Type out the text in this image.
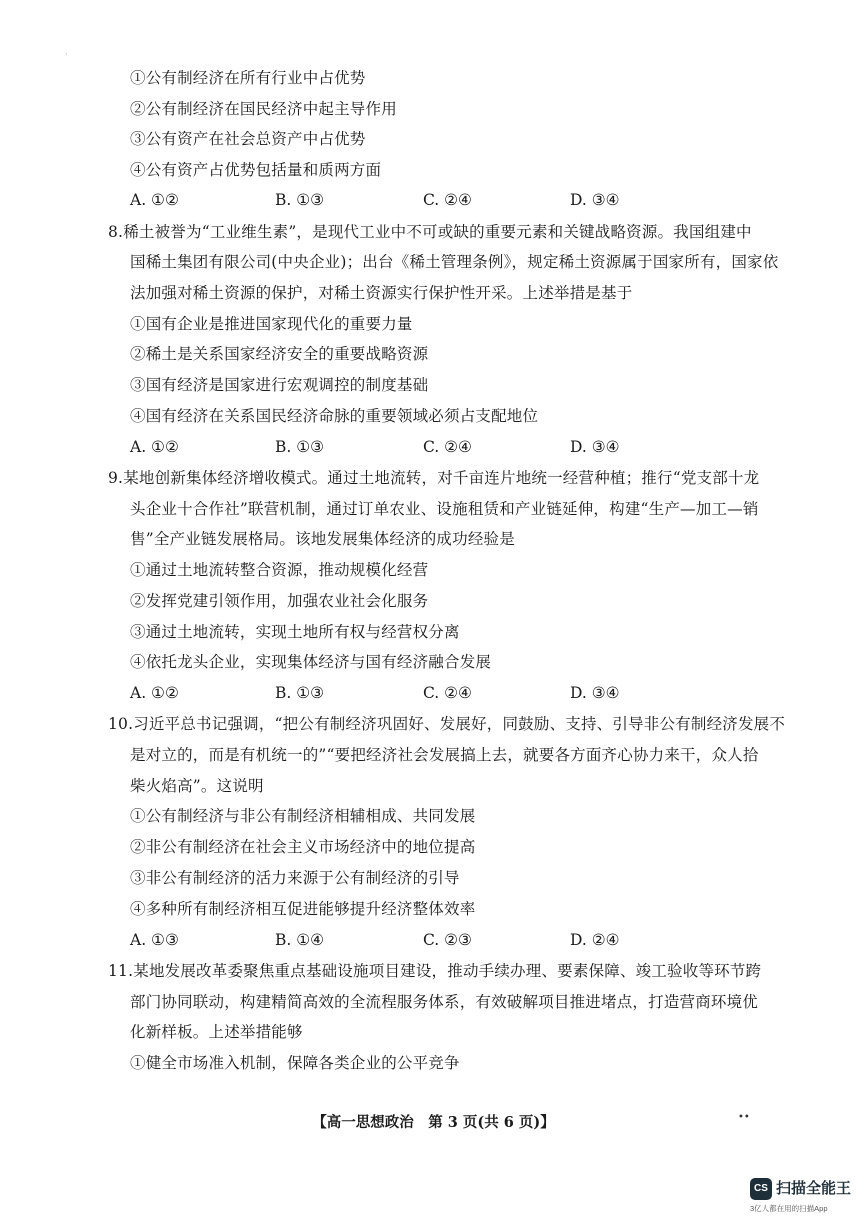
·
①公有制经济在所有行业中占优势
②公有制经济在国民经济中起主导作用
③公有资产在社会总资产中占优势
④公有资产占优势包括量和质两方面
A. ①②	B. ①③	C. ②④	D. ③④
8.稀土被誉为“工业维生素”，是现代工业中不可或缺的重要元素和关键战略资源。我国组建中
国稀土集团有限公司(中央企业)；出台《稀土管理条例》，规定稀土资源属于国家所有，国家依
法加强对稀土资源的保护，对稀土资源实行保护性开采。上述举措是基于
①国有企业是推进国家现代化的重要力量
②稀土是关系国家经济安全的重要战略资源
③国有经济是国家进行宏观调控的制度基础
④国有经济在关系国民经济命脉的重要领域必须占支配地位
A. ①②	B. ①③	C. ②④	D. ③④
9.某地创新集体经济增收模式。通过土地流转，对千亩连片地统一经营种植；推行“党支部十龙
头企业十合作社”联营机制，通过订单农业、设施租赁和产业链延伸，构建“生产—加工—销
售”全产业链发展格局。该地发展集体经济的成功经验是
①通过土地流转整合资源，推动规模化经营
②发挥党建引领作用，加强农业社会化服务
③通过土地流转，实现土地所有权与经营权分离
④依托龙头企业，实现集体经济与国有经济融合发展
A. ①②	B. ①③	C. ②④	D. ③④
10.习近平总书记强调，“把公有制经济巩固好、发展好，同鼓励、支持、引导非公有制经济发展不
是对立的，而是有机统一的”“要把经济社会发展搞上去，就要各方面齐心协力来干，众人拾
柴火焰高”。这说明
①公有制经济与非公有制经济相辅相成、共同发展
②非公有制经济在社会主义市场经济中的地位提高
③非公有制经济的活力来源于公有制经济的引导
④多种所有制经济相互促进能够提升经济整体效率
A. ①③	B. ①④	C. ②③	D. ②④
11.某地发展改革委聚焦重点基础设施项目建设，推动手续办理、要素保障、竣工验收等环节跨
部门协同联动，构建精简高效的全流程服务体系，有效破解项目推进堵点，打造营商环境优
化新样板。上述举措能够
①健全市场准入机制，保障各类企业的公平竞争
【高一思想政治　第 3 页(共 6 页)】	••
CS 扫描全能王
3亿人都在用的扫描App
